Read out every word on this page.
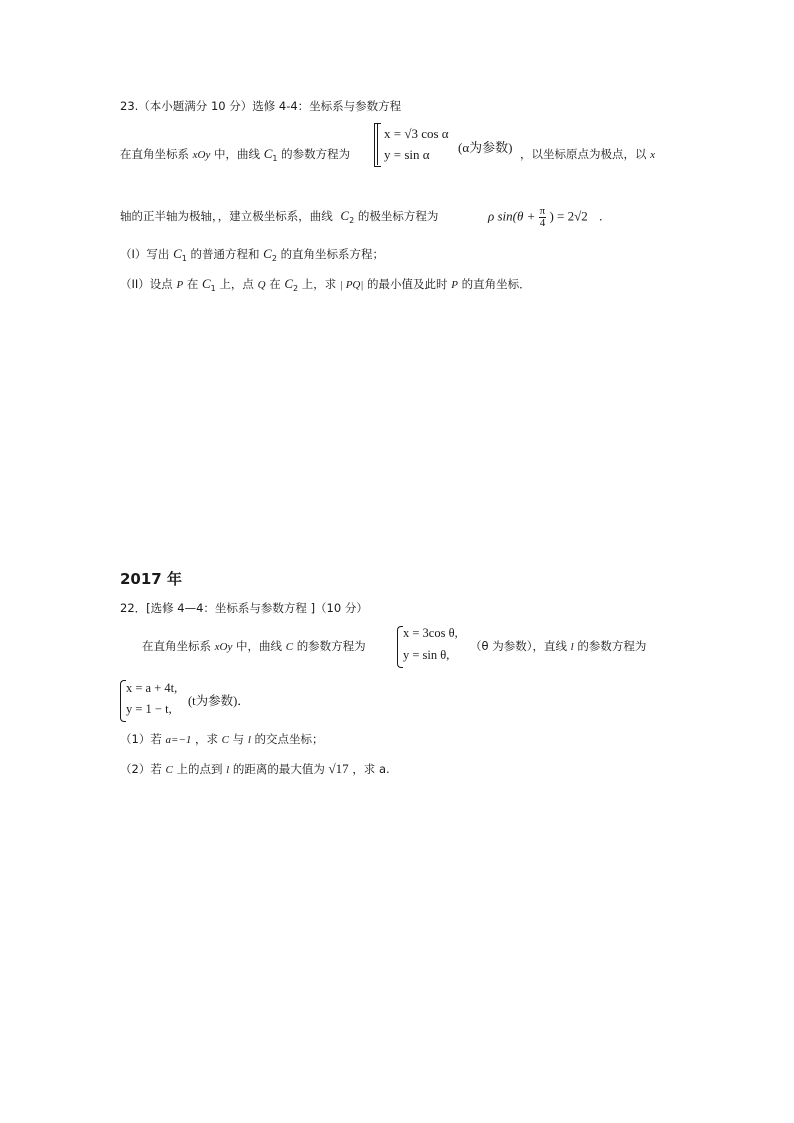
23.（本小题满分 10 分）选修 4-4：坐标系与参数方程
在直角坐标系 xOy 中，曲线 $C_1$ 的参数方程为
x = √3 cos α
y = sin α (α为参数) ，以坐标原点为极点，以 x
轴的正半轴为极轴，，建立极坐标系，曲线 $C_2$ 的极坐标方程为	ρ $\sin(\theta + \frac{\pi}{4}$ ) = 2√2 ．
（I）写出 $C_1$ 的普通方程和 $C_2$ 的直角坐标系方程；
（II）设点 P 在 $C_1$ 上，点 Q 在 $C_2$ 上，求 | PQ| 的最小值及此时 P 的直角坐标．
2017 年
22．[选修 4—4：坐标系与参数方程 ]（10 分）
在直角坐标系 xOy 中，曲线 C 的参数方程为
x = 3cos θ,
y = sin θ,
（θ 为参数），直线 l 的参数方程为
x = a + 4t,
y = 1 − t,
(t为参数)．
（1）若 a=−1 ，求 C 与 l 的交点坐标；
（2）若 C 上的点到 l 的距离的最大值为 √17 ，求 a.
